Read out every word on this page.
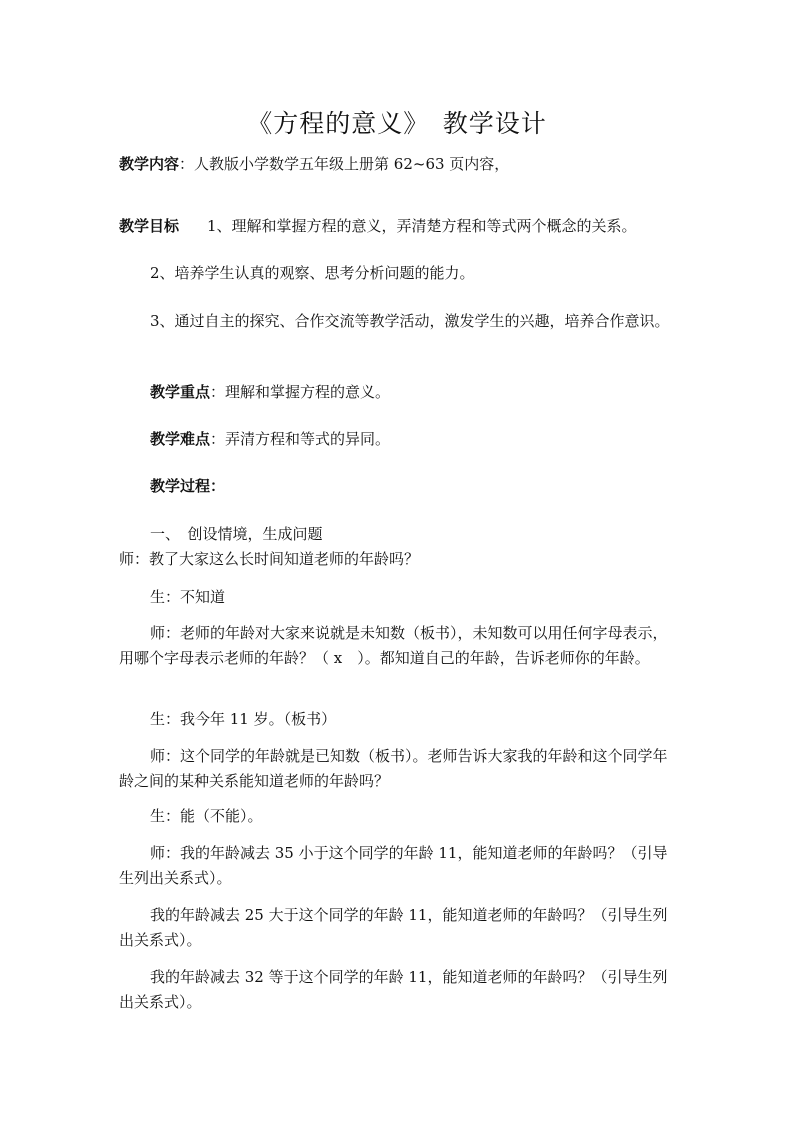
《方程的意义》　教学设计
教学内容：人教版小学数学五年级上册第 62~63 页内容，
教学目标 1、理解和掌握方程的意义，弄清楚方程和等式两个概念的关系。
2、培养学生认真的观察、思考分析问题的能力。
3、通过自主的探究、合作交流等教学活动，激发学生的兴趣，培养合作意识。
教学重点：理解和掌握方程的意义。
教学难点：弄清方程和等式的异同。
教学过程：
一、　创设情境，生成问题
师：教了大家这么长时间知道老师的年龄吗？
生：不知道
师：老师的年龄对大家来说就是未知数（板书），未知数可以用任何字母表示，用哪个字母表示老师的年龄？（ x　）。都知道自己的年龄，告诉老师你的年龄。
生：我今年 11 岁。（板书）
师：这个同学的年龄就是已知数（板书）。老师告诉大家我的年龄和这个同学年龄之间的某种关系能知道老师的年龄吗？
生：能（不能）。
师：我的年龄减去 35 小于这个同学的年龄 11，能知道老师的年龄吗？（引导生列出关系式）。
我的年龄减去 25 大于这个同学的年龄 11，能知道老师的年龄吗？（引导生列出关系式）。
我的年龄减去 32 等于这个同学的年龄 11，能知道老师的年龄吗？（引导生列出关系式）。
